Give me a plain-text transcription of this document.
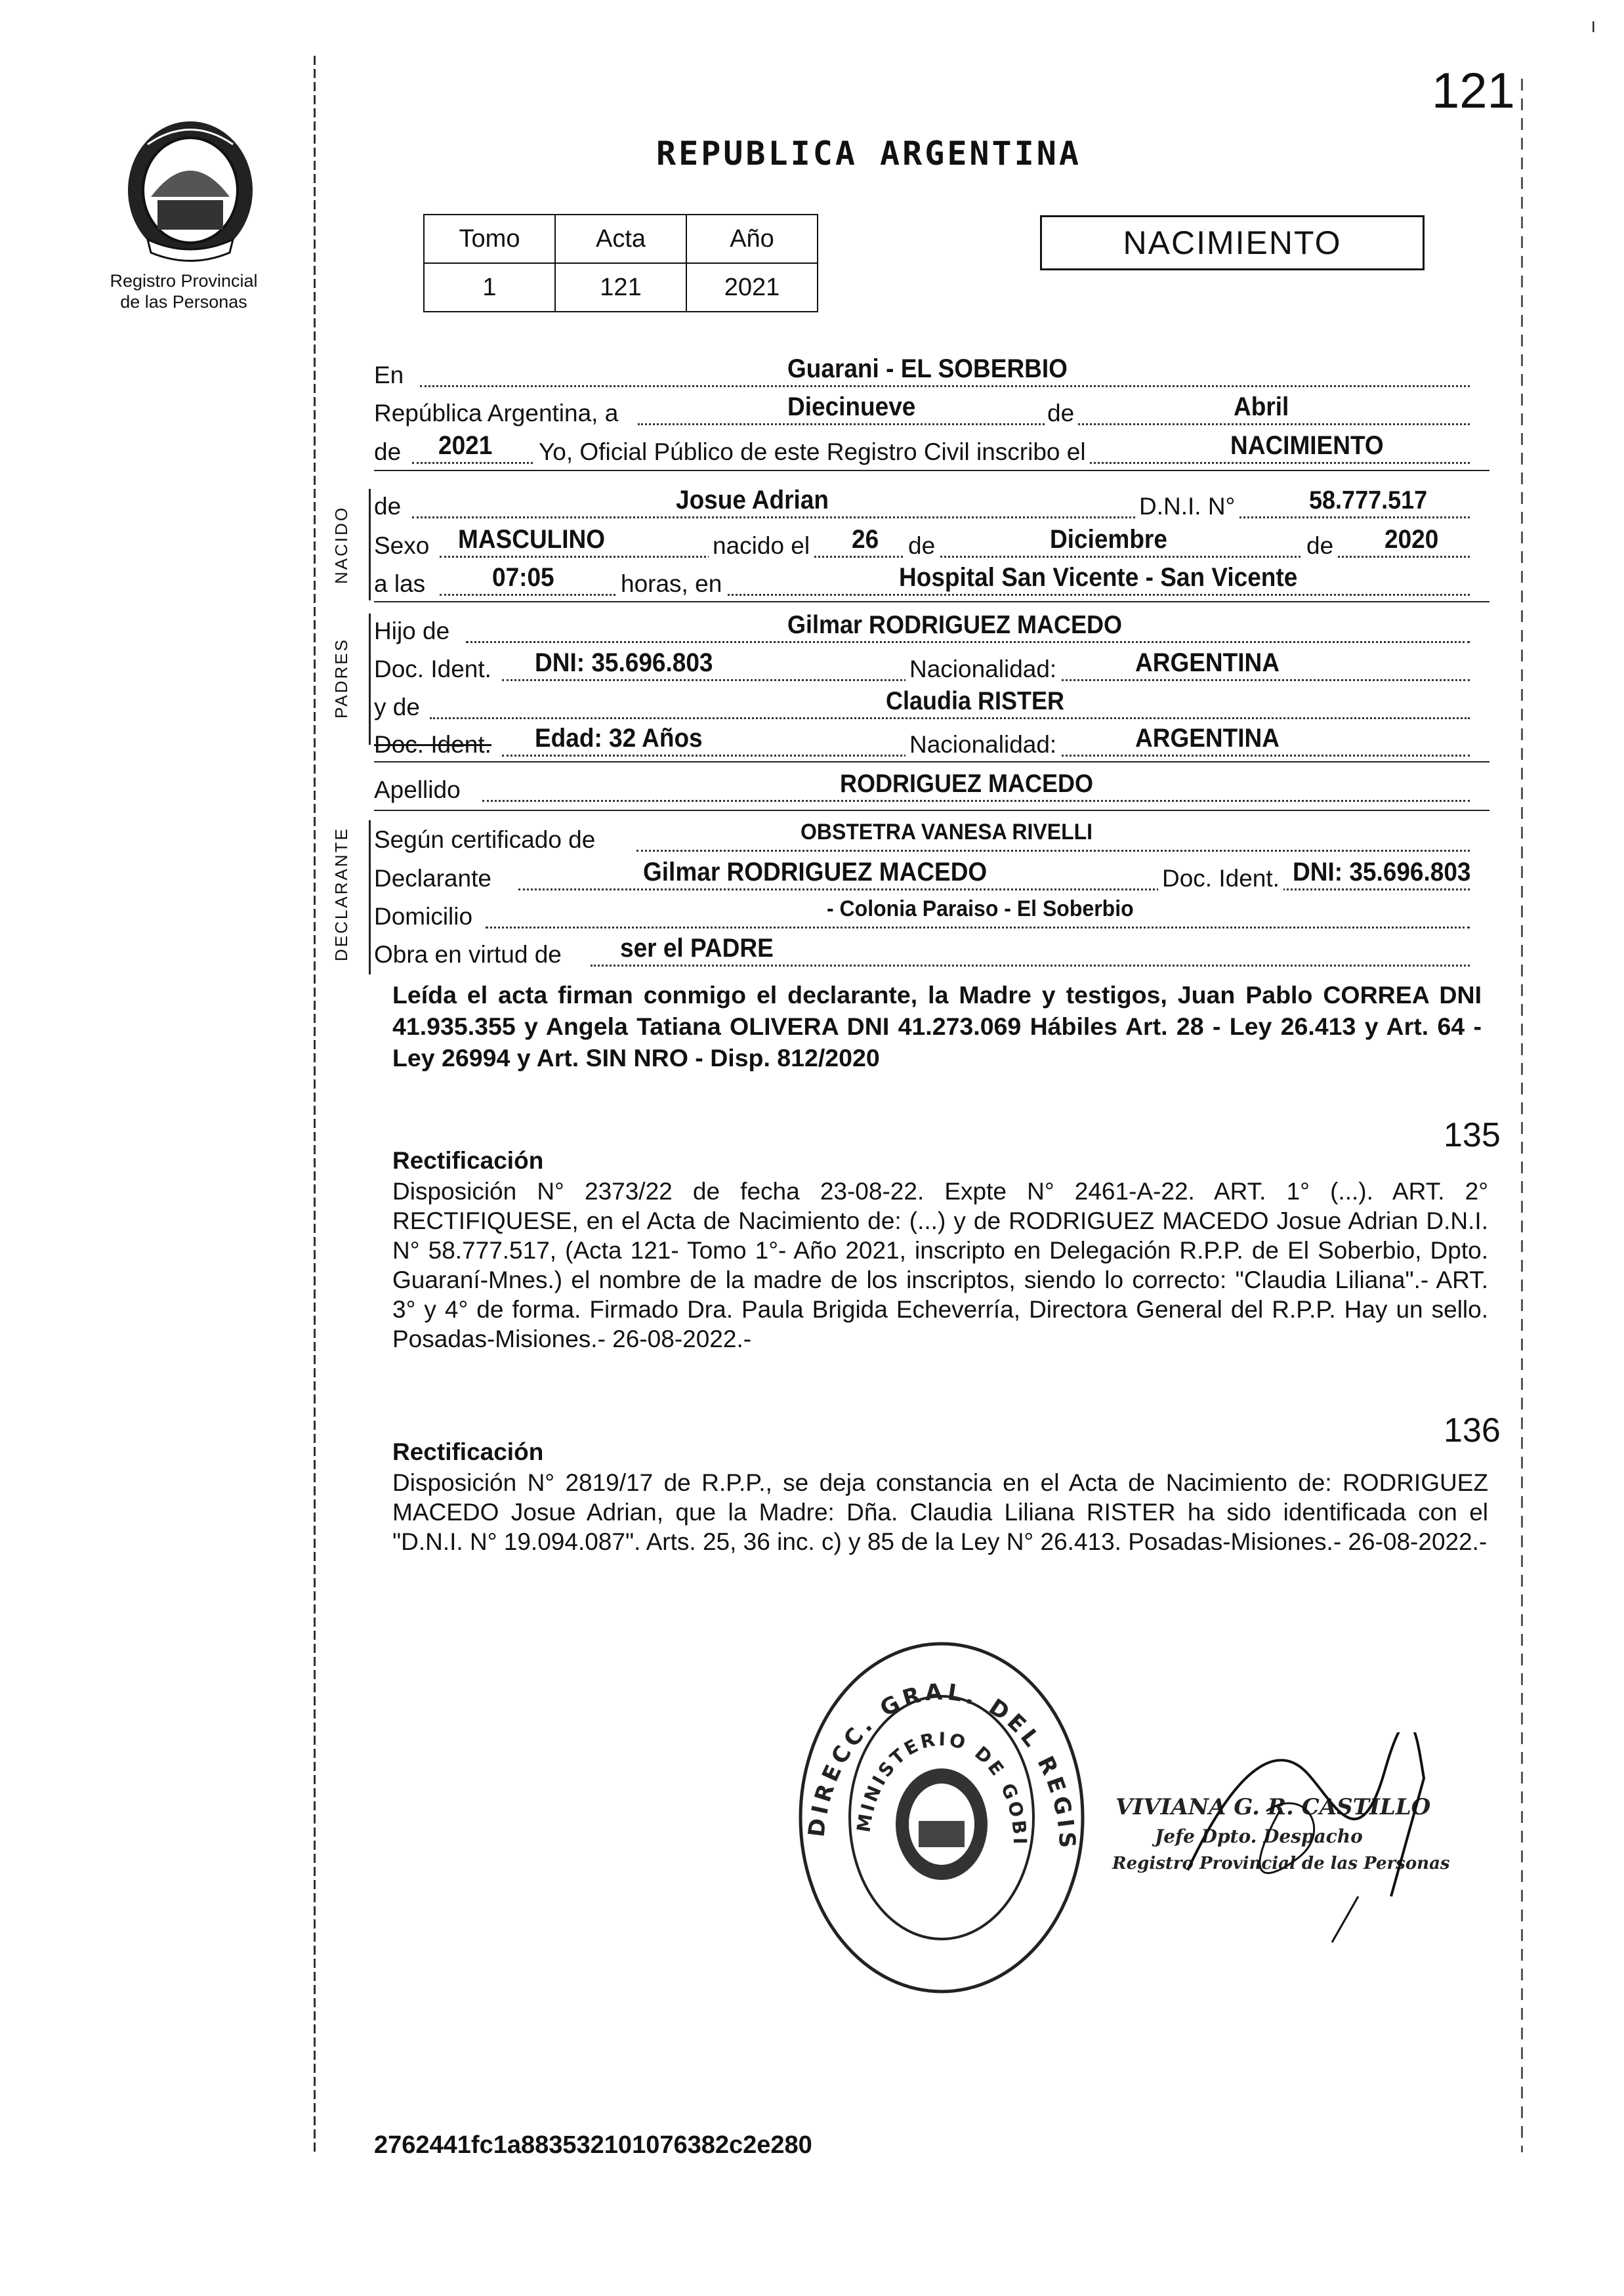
I
Registro Provincial
de las Personas
121
REPUBLICA ARGENTINA
Tomo	Acta	Año
1	121	2021
NACIMIENTO
NACIDO
PADRES
DECLARANTE
En	Guarani - EL SOBERBIO
República Argentina, a	Diecinueve	de	Abril
de 2021 Yo, Oficial Público de este Registro Civil inscribo el	NACIMIENTO
de	Josue Adrian	D.N.I. N°	58.777.517
Sexo MASCULINO	nacido el 26 de	Diciembre	de 2020
a las	07:05	horas, en	Hospital San Vicente - San Vicente
Hijo de	Gilmar RODRIGUEZ MACEDO
Doc. Ident. DNI: 35.696.803	Nacionalidad:	ARGENTINA
y de	Claudia RISTER
Doc. Ident. Edad: 32 Años	Nacionalidad:	ARGENTINA
Apellido	RODRIGUEZ MACEDO
Según certificado de	OBSTETRA VANESA RIVELLI
Declarante	Gilmar RODRIGUEZ MACEDO	Doc. Ident. DNI: 35.696.803
Domicilio	- Colonia Paraiso - El Soberbio
Obra en virtud de ser el PADRE
Leída el acta firman conmigo el declarante, la Madre y testigos, Juan Pablo CORREA DNI 41.935.355 y Angela Tatiana OLIVERA DNI 41.273.069 Hábiles Art. 28 - Ley 26.413 y Art. 64 - Ley 26994 y Art. SIN NRO - Disp. 812/2020
135
Rectificación
Disposición N° 2373/22 de fecha 23-08-22. Expte N° 2461-A-22. ART. 1° (...). ART. 2° RECTIFIQUESE, en el Acta de Nacimiento de: (...) y de RODRIGUEZ MACEDO Josue Adrian D.N.I. N° 58.777.517, (Acta 121- Tomo 1°- Año 2021, inscripto en Delegación R.P.P. de El Soberbio, Dpto. Guaraní-Mnes.) el nombre de la madre de los inscriptos, siendo lo correcto: "Claudia Liliana".- ART. 3° y 4° de forma. Firmado Dra. Paula Brigida Echeverría, Directora General del R.P.P. Hay un sello. Posadas-Misiones.- 26-08-2022.-
136
Rectificación
Disposición N° 2819/17 de R.P.P., se deja constancia en el Acta de Nacimiento de: RODRIGUEZ MACEDO Josue Adrian, que la Madre: Dña. Claudia Liliana RISTER ha sido identificada con el "D.N.I. N° 19.094.087". Arts. 25, 36 inc. c) y 85 de la Ley N° 26.413. Posadas-Misiones.- 26-08-2022.-
DIRECC. GRAL. DEL REGIS
MINISTERIO DE GOBI
VIVIANA G. R. CASTILLO
Jefe Dpto. Despacho
Registro Provincial de las Personas
2762441fc1a883532101076382c2e280
